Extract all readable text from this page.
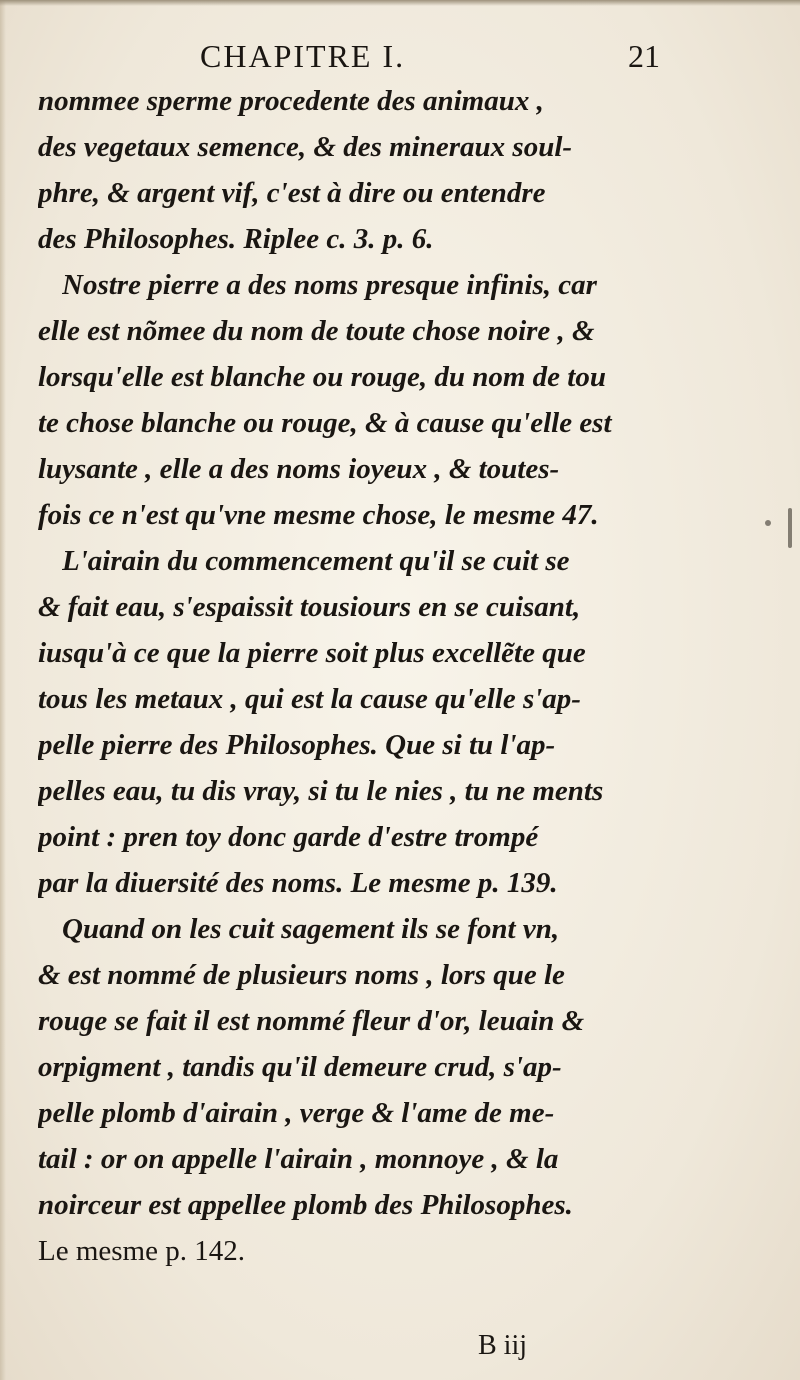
CHAPITRE I.	21
nommee sperme procedente des animaux ,
des vegetaux semence, & des mineraux soul-
phre, & argent vif, c'est à dire ou entendre
des Philosophes. Riplee c. 3. p. 6.
Nostre pierre a des noms presque infinis, car
elle est nõmee du nom de toute chose noire , &
lorsqu'elle est blanche ou rouge, du nom de tou
te chose blanche ou rouge, & à cause qu'elle est
luysante , elle a des noms ioyeux , & toutes-
fois ce n'est qu'vne mesme chose, le mesme 47.
L'airain du commencement qu'il se cuit se
& fait eau, s'espaissit tousiours en se cuisant,
iusqu'à ce que la pierre soit plus excellẽte que
tous les metaux , qui est la cause qu'elle s'ap-
pelle pierre des Philosophes. Que si tu l'ap-
pelles eau, tu dis vray, si tu le nies , tu ne ments
point : pren toy donc garde d'estre trompé
par la diuersité des noms. Le mesme p. 139.
Quand on les cuit sagement ils se font vn,
& est nommé de plusieurs noms , lors que le
rouge se fait il est nommé fleur d'or, leuain &
orpigment , tandis qu'il demeure crud, s'ap-
pelle plomb d'airain , verge & l'ame de me-
tail : or on appelle l'airain , monnoye , & la
noirceur est appellee plomb des Philosophes.
Le mesme p. 142.
B iij
